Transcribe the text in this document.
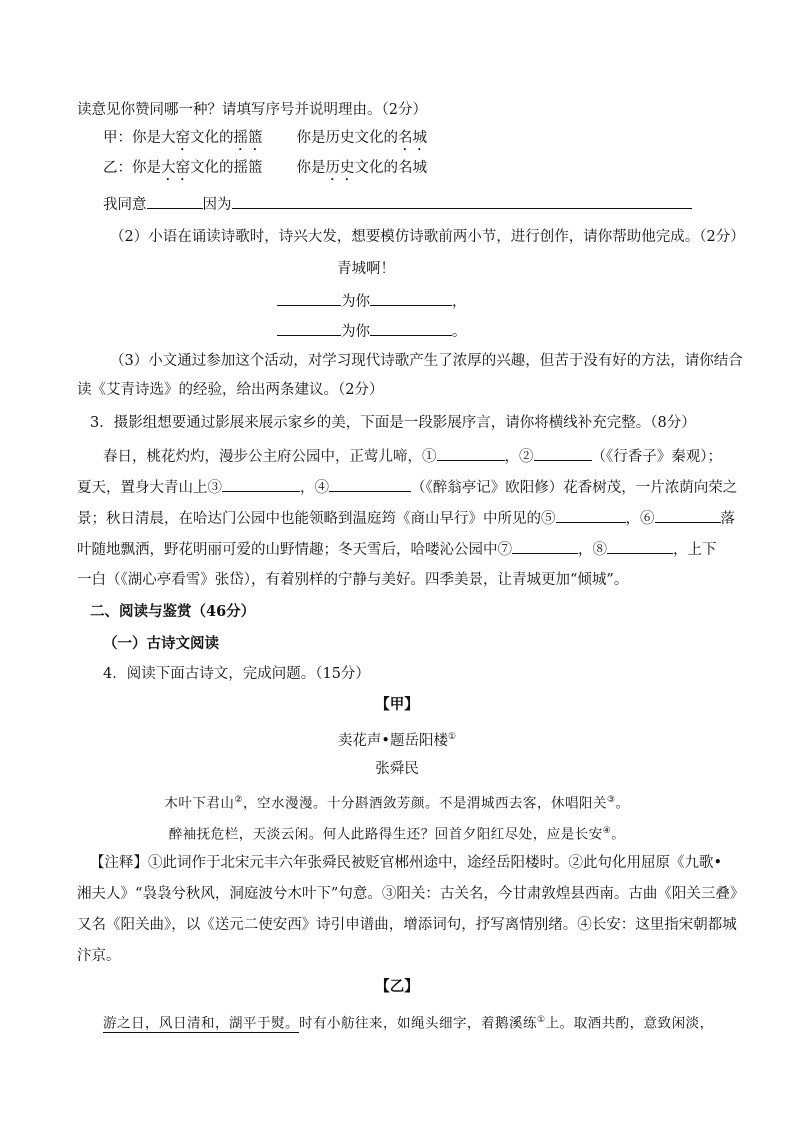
读意见你赞同哪一种？请填写序号并说明理由。（2分）
甲：你是大窑文化的摇篮 你是历史文化的名城
乙：你是大窑文化的摇篮 你是历史文化的名城
我同意	因为
（2）小语在诵读诗歌时，诗兴大发，想要模仿诗歌前两小节，进行创作，请你帮助他完成。（2分）
青城啊！
为你	，
为你	。
（3）小文通过参加这个活动，对学习现代诗歌产生了浓厚的兴趣，但苦于没有好的方法，请你结合
读《艾青诗选》的经验，给出两条建议。（2分）
3．摄影组想要通过影展来展示家乡的美，下面是一段影展序言，请你将横线补充完整。（8分）
春日，桃花灼灼，漫步公主府公园中，正莺儿啼，①	，②	（《行香子》秦观）；
夏天，置身大青山上③	，④	（《醉翁亭记》欧阳修）花香树茂，一片浓荫向荣之
景；秋日清晨，在哈达门公园中也能领略到温庭筠《商山早行》中所见的⑤	，⑥	落
叶随地飘洒，野花明丽可爱的山野情趣；冬天雪后，哈喽沁公园中⑦	，⑧	，上下
一白（《湖心亭看雪》张岱），有着别样的宁静与美好。四季美景，让青城更加“倾城”。
二、阅读与鉴赏（46分）
（一）古诗文阅读
4．阅读下面古诗文，完成问题。（15分）
【甲】
卖花声•题岳阳楼①
张舜民
木叶下君山②，空水漫漫。十分斟酒敛芳颜。不是渭城西去客，休唱阳关③。
醉袖抚危栏，天淡云闲。何人此路得生还？回首夕阳红尽处，应是长安④。
【注释】①此词作于北宋元丰六年张舜民被贬官郴州途中，途经岳阳楼时。②此句化用屈原《九歌•
湘夫人》“袅袅兮秋风，洞庭波兮木叶下”句意。③阳关：古关名，今甘肃敦煌县西南。古曲《阳关三叠》
又名《阳关曲》，以《送元二使安西》诗引申谱曲，增添词句，抒写离情别绪。④长安：这里指宋朝都城
汴京。
【乙】
游之日，风日清和，湖平于熨。时有小舫往来，如绳头细字，着鹅溪练①上。取酒共酌，意致闲淡，
